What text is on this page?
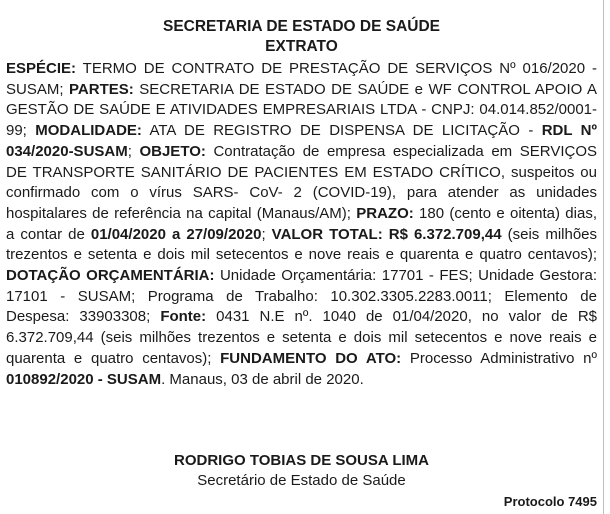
SECRETARIA DE ESTADO DE SAÚDE
EXTRATO
ESPÉCIE: TERMO DE CONTRATO DE PRESTAÇÃO DE SERVIÇOS Nº 016/2020 - SUSAM; PARTES: SECRETARIA DE ESTADO DE SAÚDE e WF CONTROL APOIO A GESTÃO DE SAÚDE E ATIVIDADES EMPRESARIAIS LTDA - CNPJ: 04.014.852/0001-99; MODALIDADE: ATA DE REGISTRO DE DISPENSA DE LICITAÇÃO - RDL Nº 034/2020-SUSAM; OBJETO: Contratação de empresa especializada em SERVIÇOS DE TRANSPORTE SANITÁRIO DE PACIENTES EM ESTADO CRÍTICO, suspeitos ou confirmado com o vírus SARS- CoV- 2 (COVID-19), para atender as unidades hospitalares de referência na capital (Manaus/AM); PRAZO: 180 (cento e oitenta) dias, a contar de 01/04/2020 a 27/09/2020; VALOR TOTAL: R$ 6.372.709,44 (seis milhões trezentos e setenta e dois mil setecentos e nove reais e quarenta e quatro centavos); DOTAÇÃO ORÇAMENTÁRIA: Unidade Orçamentária: 17701 - FES; Unidade Gestora: 17101 - SUSAM; Programa de Trabalho: 10.302.3305.2283.0011; Elemento de Despesa: 33903308; Fonte: 0431 N.E nº. 1040 de 01/04/2020, no valor de R$ 6.372.709,44 (seis milhões trezentos e setenta e dois mil setecentos e nove reais e quarenta e quatro centavos); FUNDAMENTO DO ATO: Processo Administrativo nº 010892/2020 - SUSAM. Manaus, 03 de abril de 2020.
RODRIGO TOBIAS DE SOUSA LIMA
Secretário de Estado de Saúde
Protocolo 7495
